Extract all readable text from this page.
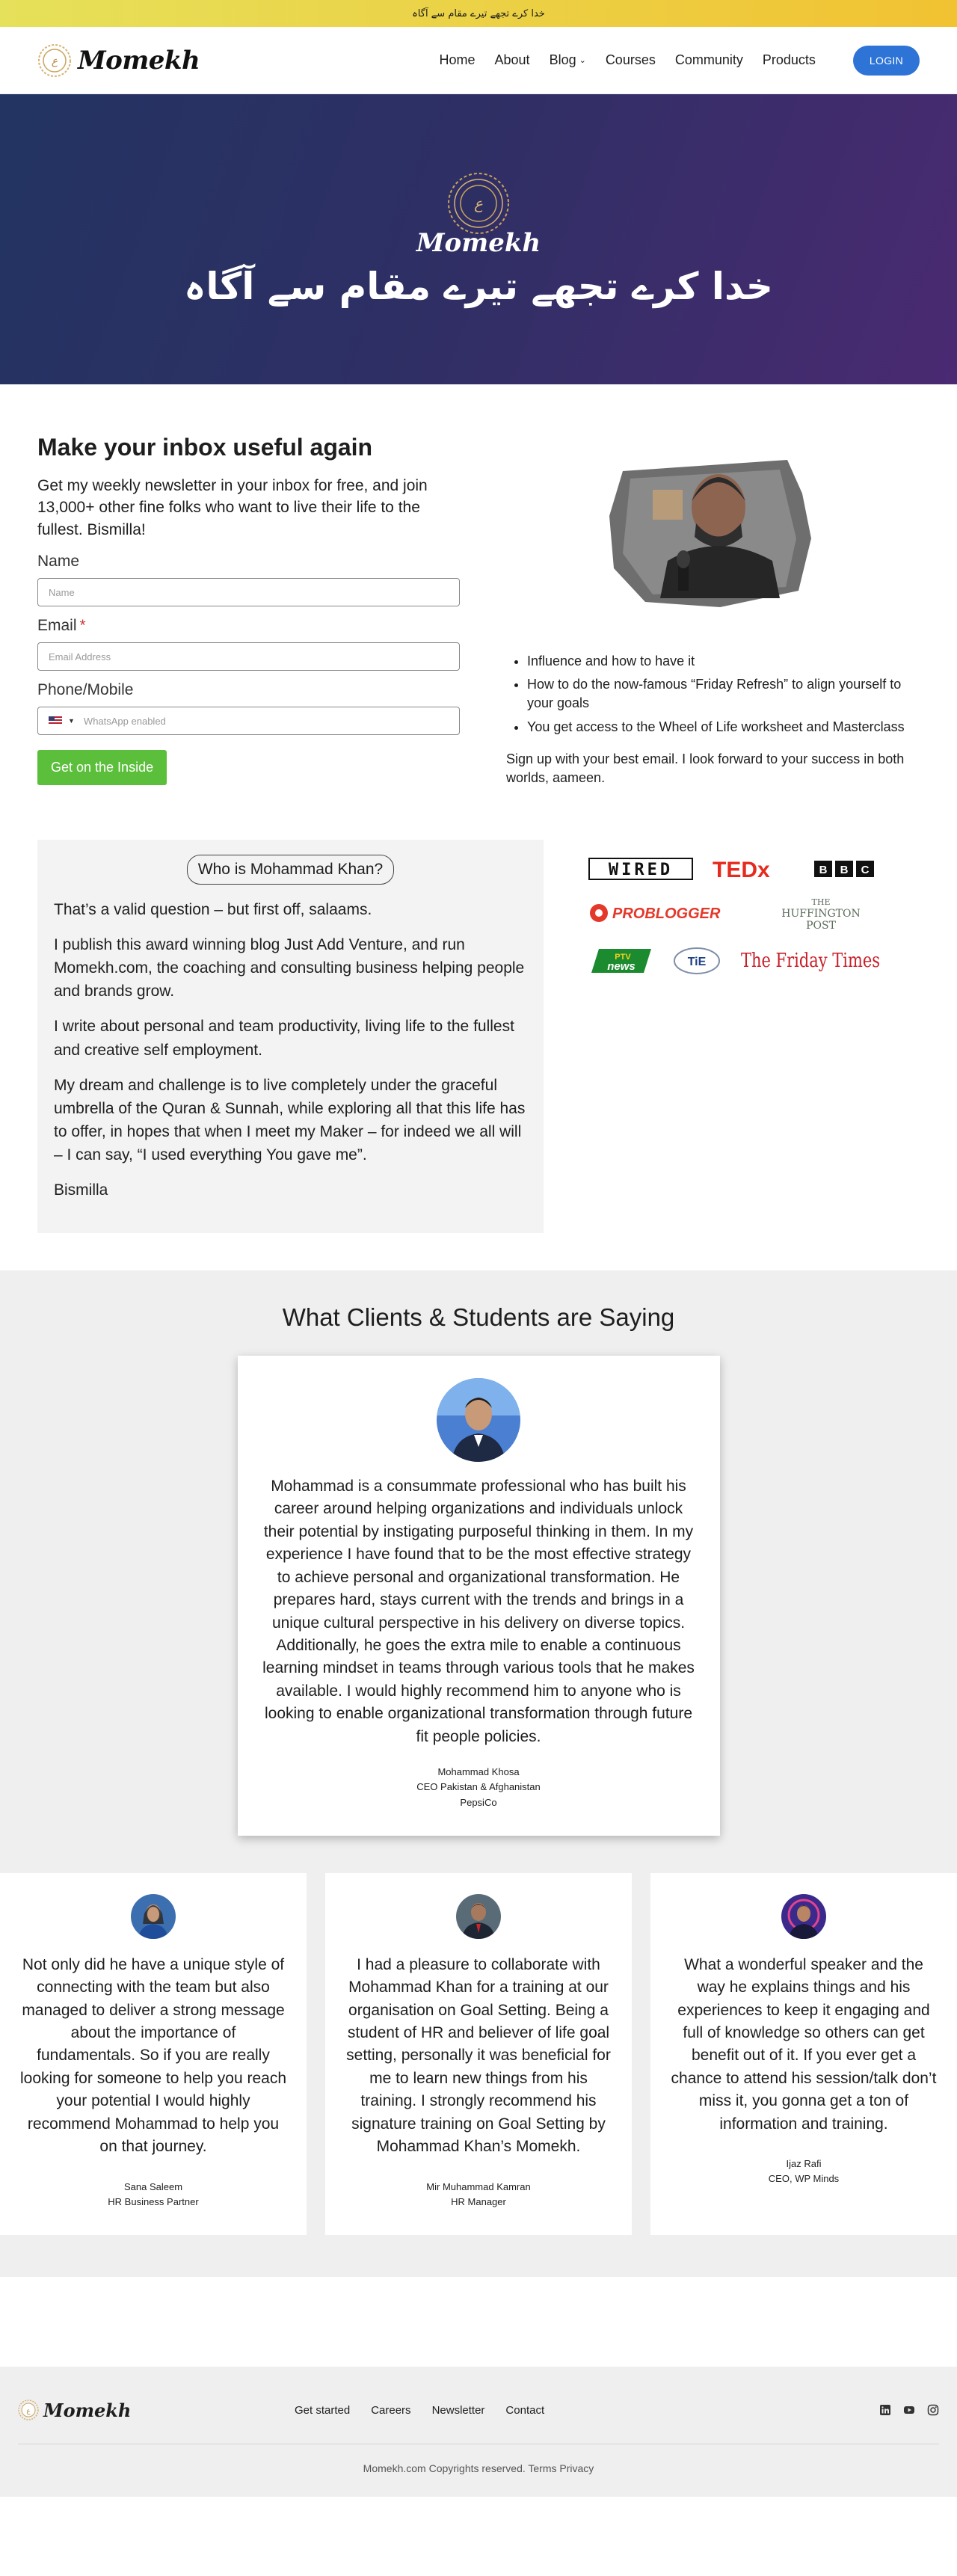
خدا کرے تجھے تیرے مقام سے آگاہ
ع Momekh	Home About Blog ⌄ Courses Community Products	LOGIN
ع
Momekh
خدا کرے تجھے تیرے مقام سے آگاہ
Make your inbox useful again

Get my weekly newsletter in your inbox for free, and join 13,000+ other fine folks who want to live their life to the fullest. Bismilla!

Name
Name
Email *
Email Address
Phone/Mobile
▼ WhatsApp enabled
Get on the Inside
• Influence and how to have it
• How to do the now-famous “Friday Refresh” to align yourself to your goals
• You get access to the Wheel of Life worksheet and Masterclass

Sign up with your best email. I look forward to your success in both worlds, aameen.

Who is Mohammad Khan?

That’s a valid question – but first off, salaams.

I publish this award winning blog Just Add Venture, and run Momekh.com, the coaching and consulting business helping people and brands grow.

I write about personal and team productivity, living life to the fullest and creative self employment.

My dream and challenge is to live completely under the graceful umbrella of the Quran & Sunnah, while exploring all that this life has to offer, in hopes that when I meet my Maker – for indeed we all will – I can say, “I used everything You gave me”.

Bismilla

WIRED TEDx	B B C
PROBLOGGER
THE
HUFFINGTON
POST
PTV
news	TiE The Friday Times
What Clients & Students are Saying

Mohammad is a consummate professional who has built his career around helping organizations and individuals unlock their potential by instigating purposeful thinking in them. In my experience I have found that to be the most effective strategy to achieve personal and organizational transformation. He prepares hard, stays current with the trends and brings in a unique cultural perspective in his delivery on diverse topics. Additionally, he goes the extra mile to enable a continuous learning mindset in teams through various tools that he makes available. I would highly recommend him to anyone who is looking to enable organizational transformation through future fit people policies.

Mohammad Khosa
CEO Pakistan & Afghanistan
PepsiCo

Not only did he have a unique style of connecting with the team but also managed to deliver a strong message about the importance of fundamentals. So if you are really looking for someone to help you reach your potential I would highly recommend Mohammad to help you on that journey.

Sana Saleem
HR Business Partner

I had a pleasure to collaborate with Mohammad Khan for a training at our organisation on Goal Setting. Being a student of HR and believer of life goal setting, personally it was beneficial for me to learn new things from his training. I strongly recommend his signature training on Goal Setting by Mohammad Khan’s Momekh.

Mir Muhammad Kamran
HR Manager

What a wonderful speaker and the way he explains things and his experiences to keep it engaging and full of knowledge so others can get benefit out of it. If you ever get a chance to attend his session/talk don’t miss it, you gonna get a ton of information and training.

Ijaz Rafi
CEO, WP Minds
ع Momekh	Get started Careers Newsletter Contact
Momekh.com Copyrights reserved. Terms Privacy
